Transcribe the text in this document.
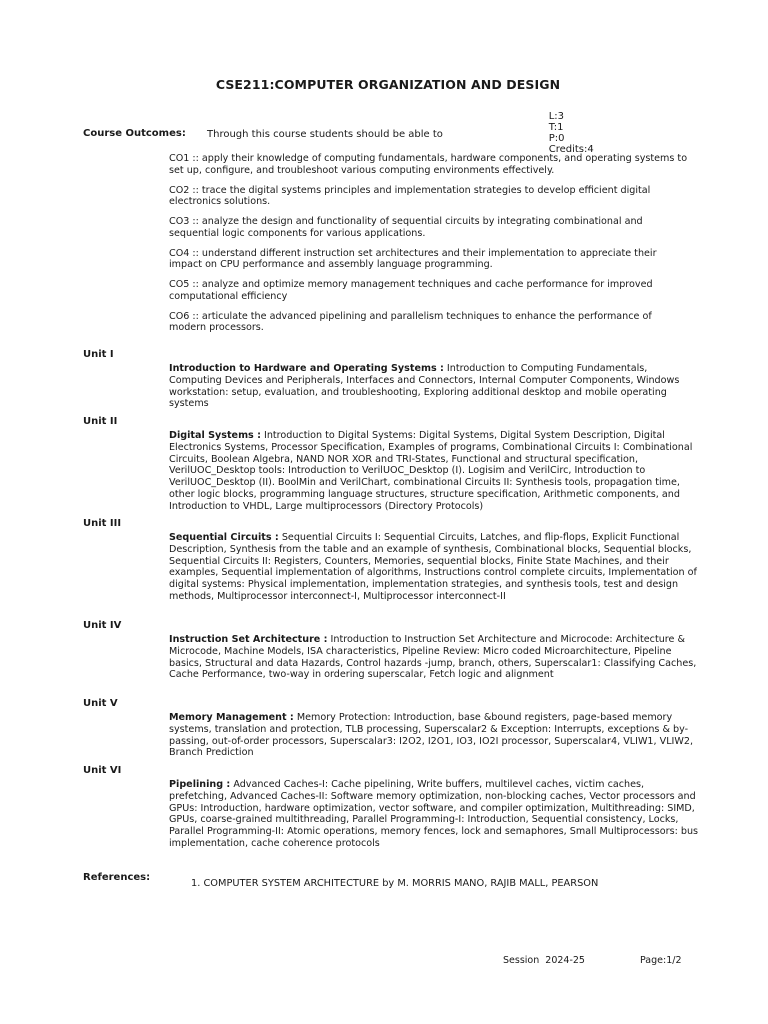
CSE211:COMPUTER ORGANIZATION AND DESIGN

L:3
T:1
P:0
Credits:4

Course Outcomes: Through this course students should be able to

CO1 :: apply their knowledge of computing fundamentals, hardware components, and operating systems to set up, configure, and troubleshoot various computing environments effectively.

CO2 :: trace the digital systems principles and implementation strategies to develop efficient digital electronics solutions.

CO3 :: analyze the design and functionality of sequential circuits by integrating combinational and sequential logic components for various applications.

CO4 :: understand different instruction set architectures and their implementation to appreciate their impact on CPU performance and assembly language programming.

CO5 :: analyze and optimize memory management techniques and cache performance for improved computational efficiency

CO6 :: articulate the advanced pipelining and parallelism techniques to enhance the performance of modern processors.

Unit I
Introduction to Hardware and Operating Systems : Introduction to Computing Fundamentals, Computing Devices and Peripherals, Interfaces and Connectors, Internal Computer Components, Windows workstation: setup, evaluation, and troubleshooting, Exploring additional desktop and mobile operating systems
Unit II
Digital Systems : Introduction to Digital Systems: Digital Systems, Digital System Description, Digital Electronics Systems, Processor Specification, Examples of programs, Combinational Circuits I: Combinational Circuits, Boolean Algebra, NAND NOR XOR and TRI-States, Functional and structural specification, VerilUOC_Desktop tools: Introduction to VerilUOC_Desktop (I). Logisim and VerilCirc, Introduction to VerilUOC_Desktop (II). BoolMin and VerilChart, combinational Circuits II: Synthesis tools, propagation time, other logic blocks, programming language structures, structure specification, Arithmetic components, and Introduction to VHDL, Large multiprocessors (Directory Protocols)
Unit III
Sequential Circuits : Sequential Circuits I: Sequential Circuits, Latches, and flip-flops, Explicit Functional Description, Synthesis from the table and an example of synthesis, Combinational blocks, Sequential blocks, Sequential Circuits II: Registers, Counters, Memories, sequential blocks, Finite State Machines, and their examples, Sequential implementation of algorithms, Instructions control complete circuits, Implementation of digital systems: Physical implementation, implementation strategies, and synthesis tools, test and design methods, Multiprocessor interconnect-I, Multiprocessor interconnect-II
Unit IV
Instruction Set Architecture : Introduction to Instruction Set Architecture and Microcode: Architecture & Microcode, Machine Models, ISA characteristics, Pipeline Review: Micro coded Microarchitecture, Pipeline basics, Structural and data Hazards, Control hazards -jump, branch, others, Superscalar1: Classifying Caches, Cache Performance, two-way in ordering superscalar, Fetch logic and alignment
Unit V
Memory Management : Memory Protection: Introduction, base &bound registers, page-based memory systems, translation and protection, TLB processing, Superscalar2 & Exception: Interrupts, exceptions & by-passing, out-of-order processors, Superscalar3: I2O2, I2O1, IO3, IO2I processor, Superscalar4, VLIW1, VLIW2, Branch Prediction
Unit VI
Pipelining : Advanced Caches-I: Cache pipelining, Write buffers, multilevel caches, victim caches, prefetching, Advanced Caches-II: Software memory optimization, non-blocking caches, Vector processors and GPUs: Introduction, hardware optimization, vector software, and compiler optimization, Multithreading: SIMD, GPUs, coarse-grained multithreading, Parallel Programming-I: Introduction, Sequential consistency, Locks, Parallel Programming-II: Atomic operations, memory fences, lock and semaphores, Small Multiprocessors: bus implementation, cache coherence protocols
References:
1. COMPUTER SYSTEM ARCHITECTURE by M. MORRIS MANO, RAJIB MALL, PEARSON
Session  2024-25	Page:1/2
